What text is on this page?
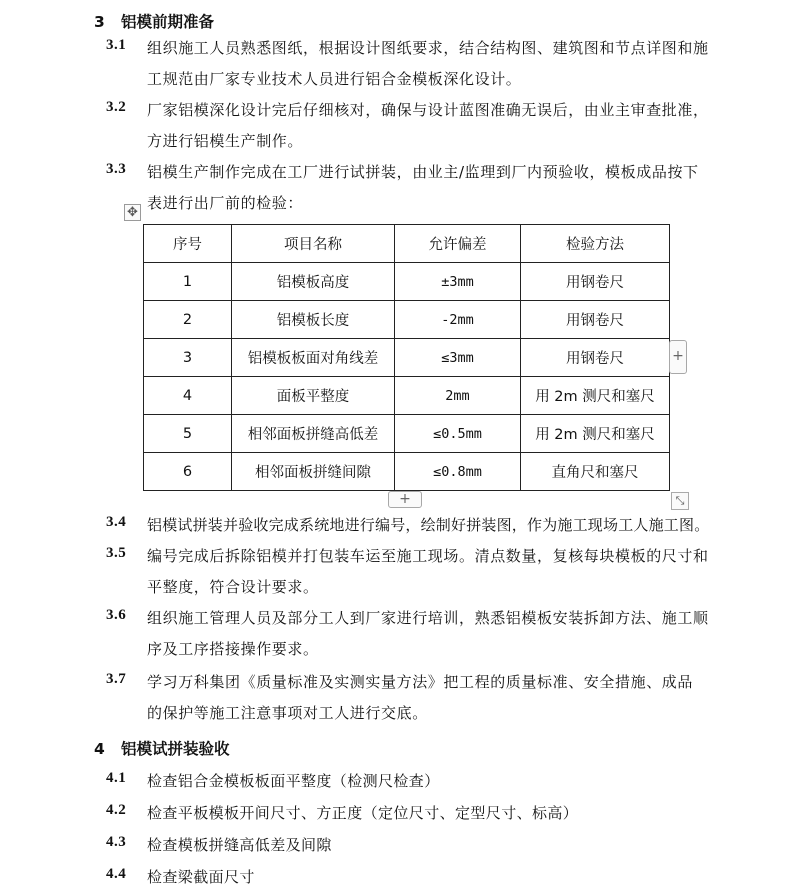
3 铝模前期准备
3.1 组织施工人员熟悉图纸，根据设计图纸要求，结合结构图、建筑图和节点详图和施
工规范由厂家专业技术人员进行铝合金模板深化设计。
3.2 厂家铝模深化设计完后仔细核对，确保与设计蓝图准确无误后，由业主审查批准，
方进行铝模生产制作。
3.3 铝模生产制作完成在工厂进行试拼装，由业主/监理到厂内预验收，模板成品按下
表进行出厂前的检验：
✥
序号	项目名称	允许偏差	检验方法
1	铝模板高度	±3mm	用钢卷尺
2	铝模板长度	-2mm	用钢卷尺
3	铝模板板面对角线差	≤3mm	用钢卷尺
4	面板平整度	2mm	用 2m 测尺和塞尺
5	相邻面板拼缝高低差	≤0.5mm	用 2m 测尺和塞尺
6	相邻面板拼缝间隙	≤0.8mm	直角尺和塞尺
+
+	⤡
3.4 铝模试拼装并验收完成系统地进行编号，绘制好拼装图，作为施工现场工人施工图。
3.5 编号完成后拆除铝模并打包装车运至施工现场。清点数量，复核每块模板的尺寸和
平整度，符合设计要求。
3.6 组织施工管理人员及部分工人到厂家进行培训，熟悉铝模板安装拆卸方法、施工顺
序及工序搭接操作要求。
3.7 学习万科集团《质量标准及实测实量方法》把工程的质量标准、安全措施、成品
的保护等施工注意事项对工人进行交底。
4 铝模试拼装验收
4.1 检查铝合金模板板面平整度（检测尺检查）
4.2 检查平板模板开间尺寸、方正度（定位尺寸、定型尺寸、标高）
4.3 检查模板拼缝高低差及间隙
4.4 检查梁截面尺寸
